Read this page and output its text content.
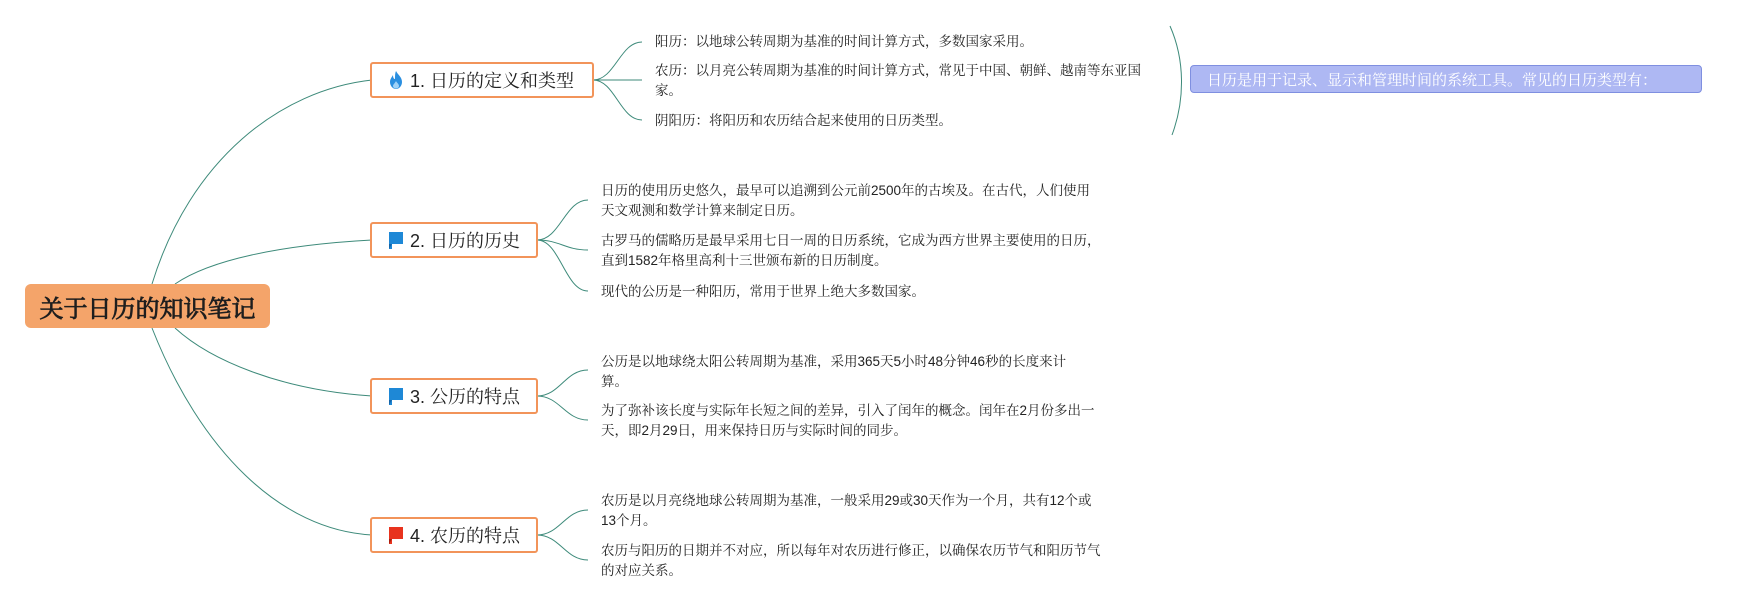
关于日历的知识笔记
1. 日历的定义和类型
阳历：以地球公转周期为基准的时间计算方式，多数国家采用。
农历：以月亮公转周期为基准的时间计算方式，常见于中国、朝鲜、越南等东亚国家。
阴阳历：将阳历和农历结合起来使用的日历类型。
2. 日历的历史
日历的使用历史悠久，最早可以追溯到公元前2500年的古埃及。在古代，人们使用天文观测和数学计算来制定日历。
古罗马的儒略历是最早采用七日一周的日历系统，它成为西方世界主要使用的日历，直到1582年格里高利十三世颁布新的日历制度。
现代的公历是一种阳历，常用于世界上绝大多数国家。
3. 公历的特点
公历是以地球绕太阳公转周期为基准，采用365天5小时48分钟46秒的长度来计算。
为了弥补该长度与实际年长短之间的差异，引入了闰年的概念。闰年在2月份多出一天，即2月29日，用来保持日历与实际时间的同步。
4. 农历的特点
农历是以月亮绕地球公转周期为基准，一般采用29或30天作为一个月，共有12个或13个月。
农历与阳历的日期并不对应，所以每年对农历进行修正，以确保农历节气和阳历节气的对应关系。
日历是用于记录、显示和管理时间的系统工具。常见的日历类型有：
